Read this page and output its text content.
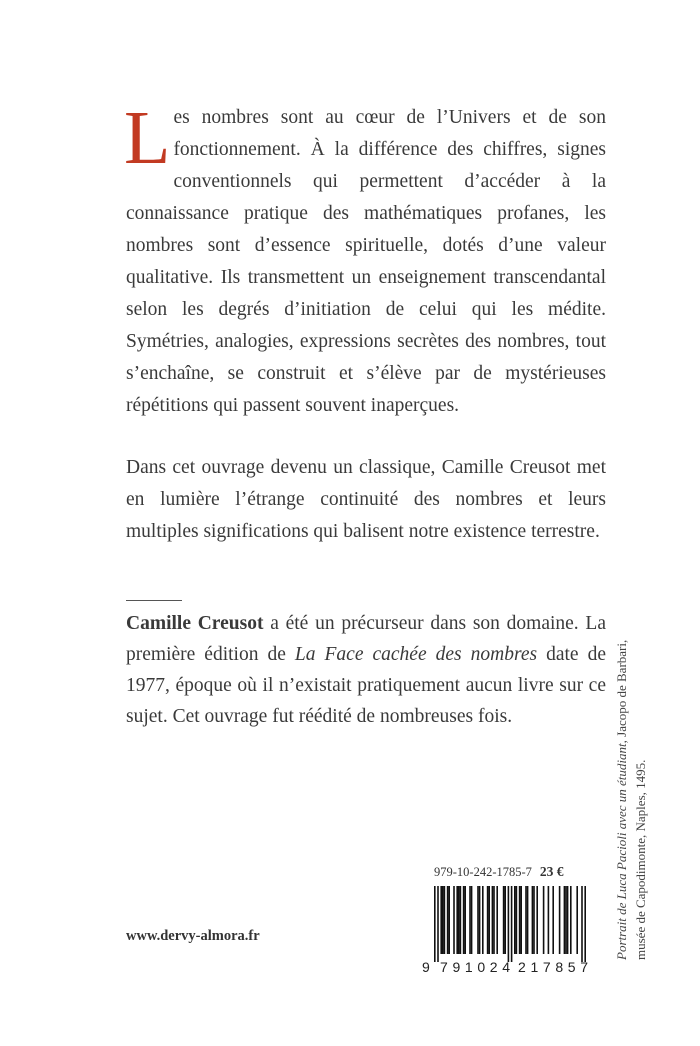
Les nombres sont au cœur de l’Univers et de son fonctionnement. À la différence des chiffres, signes conventionnels qui permettent d’accéder à la connaissance pratique des mathématiques profanes, les nombres sont d’essence spirituelle, dotés d’une valeur qualitative. Ils transmettent un enseignement transcendantal selon les degrés d’initiation de celui qui les médite. Symétries, analogies, expressions secrètes des nombres, tout s’enchaîne, se construit et s’élève par de mystérieuses répétitions qui passent souvent inaperçues.

Dans cet ouvrage devenu un classique, Camille Creusot met en lumière l’étrange continuité des nombres et leurs multiples significations qui balisent notre existence terrestre.

Camille Creusot a été un précurseur dans son domaine. La première édition de La Face cachée des nombres date de 1977, époque où il n’existait pratiquement aucun livre sur ce sujet. Cet ouvrage fut réédité de nombreuses fois.

www.dervy-almora.fr
979-10-242-1785-7 23 €
9 791024 217857
Portrait de Luca Pacioli avec un étudiant, Jacopo de Barbari, musée de Capodimonte, Naples, 1495.
